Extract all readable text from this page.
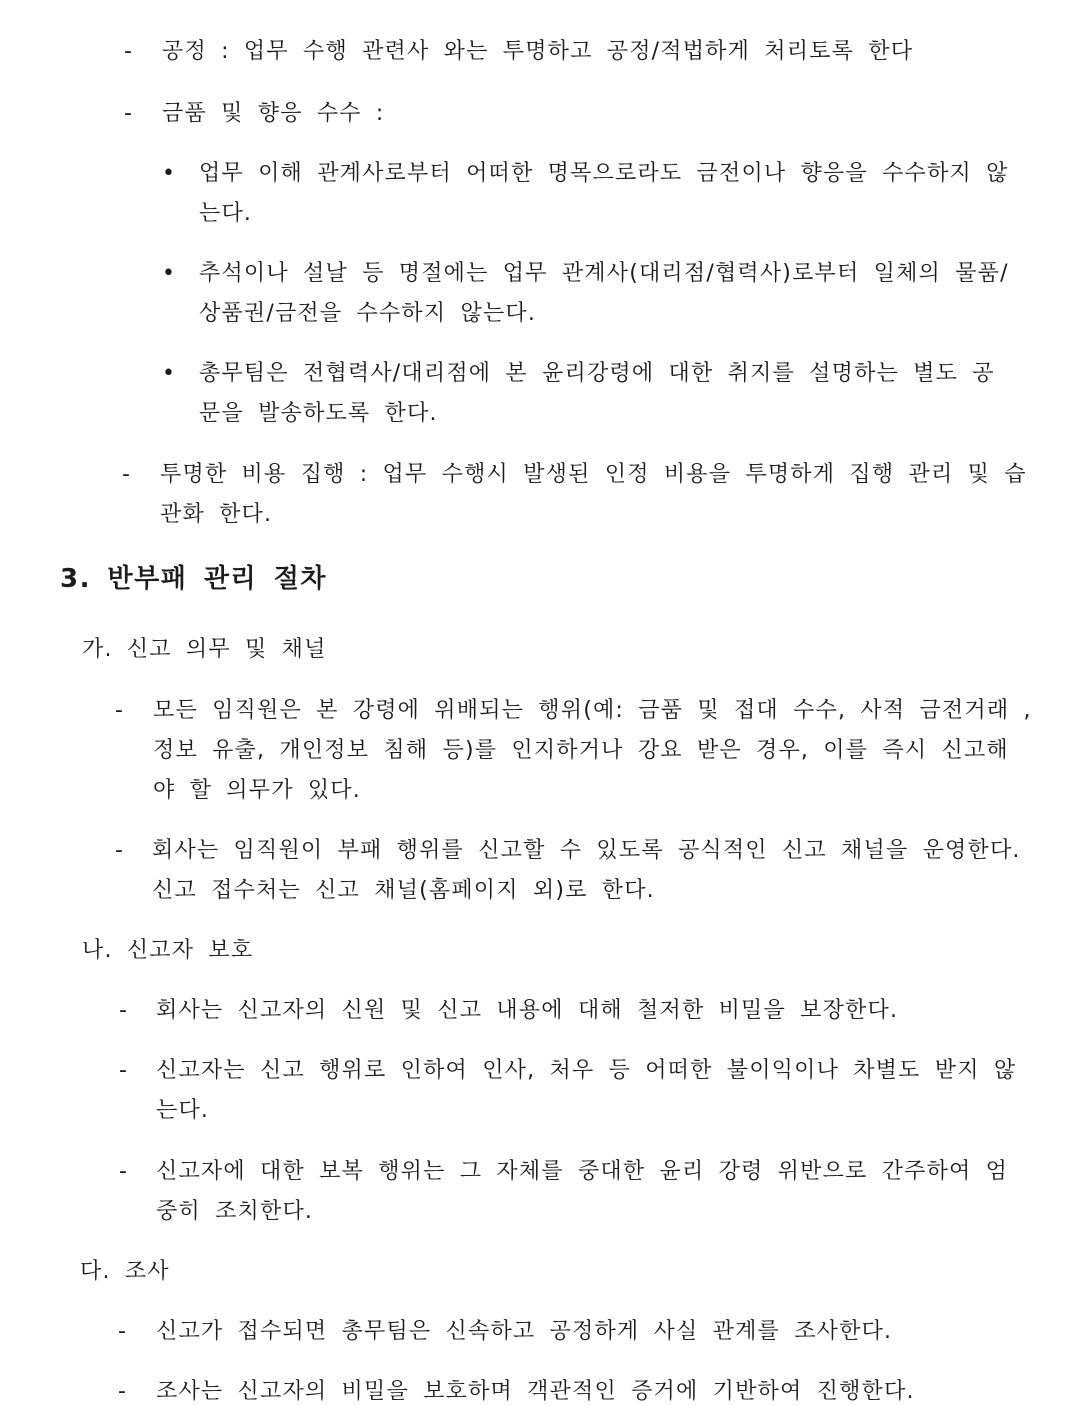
- 공정 : 업무 수행 관련사 와는 투명하고 공정/적법하게 처리토록 한다
- 금품 및 향응 수수 :
• 업무 이해 관계사로부터 어떠한 명목으로라도 금전이나 향응을 수수하지 않
는다.
• 추석이나 설날 등 명절에는 업무 관계사(대리점/협력사)로부터 일체의 물품/
상품권/금전을 수수하지 않는다.
• 총무팀은 전협력사/대리점에 본 윤리강령에 대한 취지를 설명하는 별도 공
문을 발송하도록 한다.
- 투명한 비용 집행 : 업무 수행시 발생된 인정 비용을 투명하게 집행 관리 및 습
관화 한다.
3. 반부패 관리 절차
가. 신고 의무 및 채널
- 모든 임직원은 본 강령에 위배되는 행위(예: 금품 및 접대 수수, 사적 금전거래 ,
정보 유출, 개인정보 침해 등)를 인지하거나 강요 받은 경우, 이를 즉시 신고해
야 할 의무가 있다.
- 회사는 임직원이 부패 행위를 신고할 수 있도록 공식적인 신고 채널을 운영한다.
신고 접수처는 신고 채널(홈페이지 외)로 한다.
나. 신고자 보호
- 회사는 신고자의 신원 및 신고 내용에 대해 철저한 비밀을 보장한다.
- 신고자는 신고 행위로 인하여 인사, 처우 등 어떠한 불이익이나 차별도 받지 않
는다.
- 신고자에 대한 보복 행위는 그 자체를 중대한 윤리 강령 위반으로 간주하여 엄
중히 조치한다.
다. 조사
- 신고가 접수되면 총무팀은 신속하고 공정하게 사실 관계를 조사한다.
- 조사는 신고자의 비밀을 보호하며 객관적인 증거에 기반하여 진행한다.
